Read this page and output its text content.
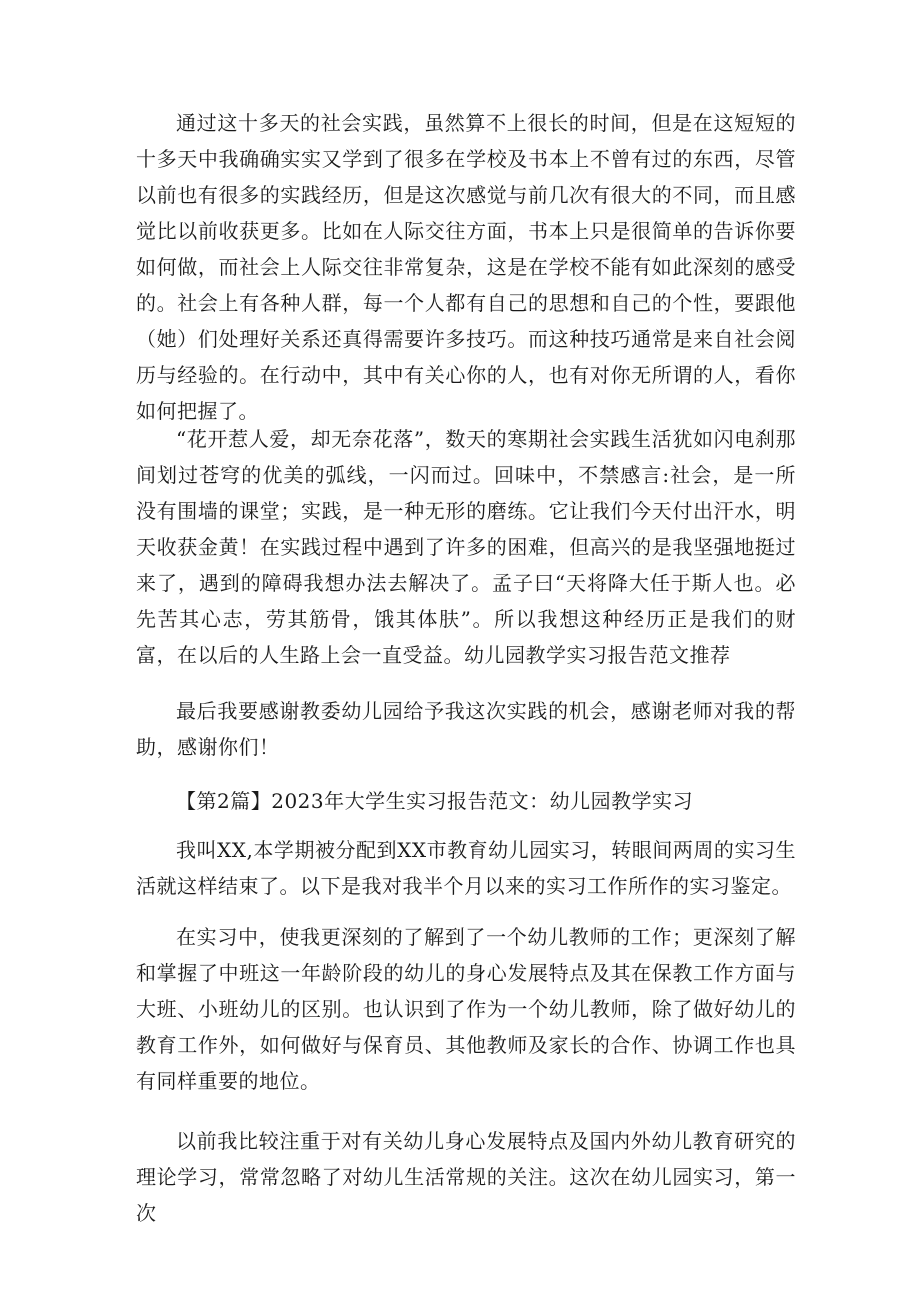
通过这十多天的社会实践，虽然算不上很长的时间，但是在这短短的十多天中我确确实实又学到了很多在学校及书本上不曾有过的东西，尽管以前也有很多的实践经历，但是这次感觉与前几次有很大的不同，而且感觉比以前收获更多。比如在人际交往方面，书本上只是很简单的告诉你要如何做，而社会上人际交往非常复杂，这是在学校不能有如此深刻的感受的。社会上有各种人群，每一个人都有自己的思想和自己的个性，要跟他（她）们处理好关系还真得需要许多技巧。而这种技巧通常是来自社会阅历与经验的。在行动中，其中有关心你的人，也有对你无所谓的人，看你如何把握了。

“花开惹人爱，却无奈花落”，数天的寒期社会实践生活犹如闪电刹那间划过苍穹的优美的弧线，一闪而过。回味中，不禁感言:社会，是一所没有围墙的课堂；实践，是一种无形的磨练。它让我们今天付出汗水，明天收获金黄！在实践过程中遇到了许多的困难，但高兴的是我坚强地挺过来了，遇到的障碍我想办法去解决了。孟子曰“天将降大任于斯人也。必先苦其心志，劳其筋骨，饿其体肤”。所以我想这种经历正是我们的财富，在以后的人生路上会一直受益。幼儿园教学实习报告范文推荐

最后我要感谢教委幼儿园给予我这次实践的机会，感谢老师对我的帮助，感谢你们！

【第2篇】2023年大学生实习报告范文：幼儿园教学实习

我叫XX,本学期被分配到XX市教育幼儿园实习，转眼间两周的实习生活就这样结束了。以下是我对我半个月以来的实习工作所作的实习鉴定。

在实习中，使我更深刻的了解到了一个幼儿教师的工作；更深刻了解和掌握了中班这一年龄阶段的幼儿的身心发展特点及其在保教工作方面与大班、小班幼儿的区别。也认识到了作为一个幼儿教师，除了做好幼儿的教育工作外，如何做好与保育员、其他教师及家长的合作、协调工作也具有同样重要的地位。

以前我比较注重于对有关幼儿身心发展特点及国内外幼儿教育研究的理论学习，常常忽略了对幼儿生活常规的关注。这次在幼儿园实习，第一次
